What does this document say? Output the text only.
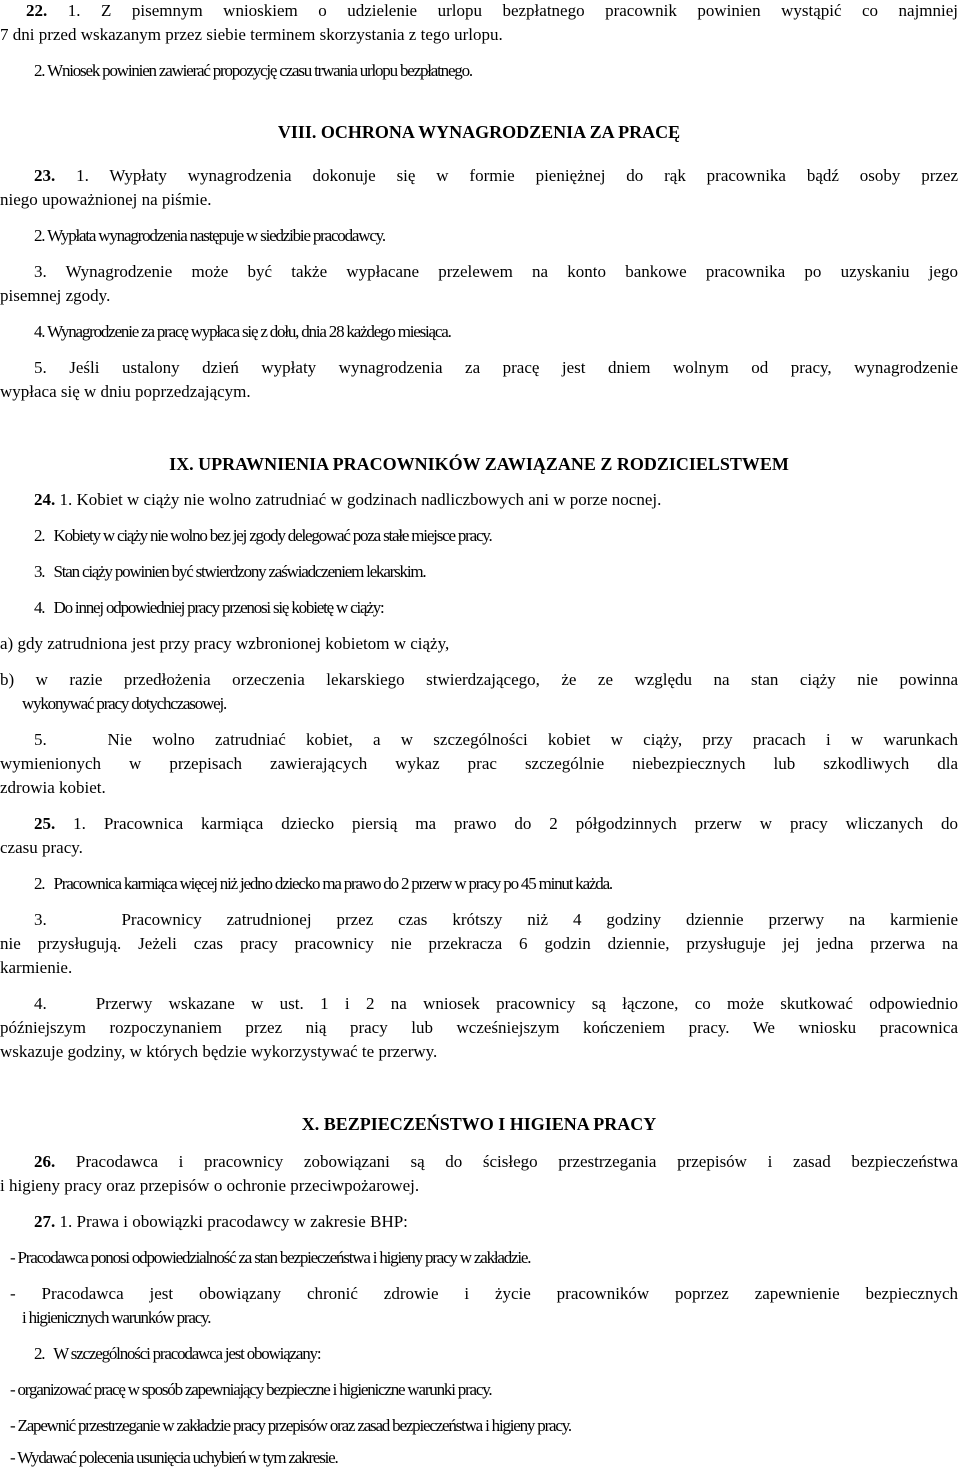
22. 1. Z pisemnym wnioskiem o udzielenie urlopu bezpłatnego pracownik powinien wystąpić co najmniej
7 dni przed wskazanym przez siebie terminem skorzystania z tego urlopu.
2. Wniosek powinien zawierać propozycję czasu trwania urlopu bezpłatnego.
VIII. OCHRONA WYNAGRODZENIA ZA PRACĘ
23. 1. Wypłaty wynagrodzenia dokonuje się w formie pieniężnej do rąk pracownika bądź osoby przez
niego upoważnionej na piśmie.
2. Wypłata wynagrodzenia następuje w siedzibie pracodawcy.
3. Wynagrodzenie może być także wypłacane przelewem na konto bankowe pracownika po uzyskaniu jego
pisemnej zgody.
4. Wynagrodzenie za pracę wypłaca się z dołu, dnia 28 każdego miesiąca.
5. Jeśli ustalony dzień wypłaty wynagrodzenia za pracę jest dniem wolnym od pracy, wynagrodzenie
wypłaca się w dniu poprzedzającym.
IX. UPRAWNIENIA PRACOWNIKÓW ZAWIĄZANE Z RODZICIELSTWEM
24. 1. Kobiet w ciąży nie wolno zatrudniać w godzinach nadliczbowych ani w porze nocnej.
2.   Kobiety w ciąży nie wolno bez jej zgody delegować poza stałe miejsce pracy.
3.   Stan ciąży powinien być stwierdzony zaświadczeniem lekarskim.
4.   Do innej odpowiedniej pracy przenosi się kobietę w ciąży:
a) gdy zatrudniona jest przy pracy wzbronionej kobietom w ciąży,
b) w razie przedłożenia orzeczenia lekarskiego stwierdzającego, że ze względu na stan ciąży nie powinna
wykonywać pracy dotychczasowej.
5.   Nie wolno zatrudniać kobiet, a w szczególności kobiet w ciąży, przy pracach i w warunkach
wymienionych w przepisach zawierających wykaz prac szczególnie niebezpiecznych lub szkodliwych dla
zdrowia kobiet.
25. 1. Pracownica karmiąca dziecko piersią ma prawo do 2 półgodzinnych przerw w pracy wliczanych do
czasu pracy.
2.   Pracownica karmiąca więcej niż jedno dziecko ma prawo do 2 przerw w pracy po 45 minut każda.
3.   Pracownicy zatrudnionej przez czas krótszy niż 4 godziny dziennie przerwy na karmienie
nie przysługują. Jeżeli czas pracy pracownicy nie przekracza 6 godzin dziennie, przysługuje jej jedna przerwa na
karmienie.
4.   Przerwy wskazane w ust. 1 i 2 na wniosek pracownicy są łączone, co może skutkować odpowiednio
późniejszym rozpoczynaniem przez nią pracy lub wcześniejszym kończeniem pracy. We wniosku pracownica
wskazuje godziny, w których będzie wykorzystywać te przerwy.
X. BEZPIECZEŃSTWO I HIGIENA PRACY
26. Pracodawca i pracownicy zobowiązani są do ścisłego przestrzegania przepisów i zasad bezpieczeństwa
i higieny pracy oraz przepisów o ochronie przeciwpożarowej.
27. 1. Prawa i obowiązki pracodawcy w zakresie BHP:
- Pracodawca ponosi odpowiedzialność za stan bezpieczeństwa i higieny pracy w zakładzie.
- Pracodawca jest obowiązany chronić zdrowie i życie pracowników poprzez zapewnienie bezpiecznych
i higienicznych warunków pracy.
2.   W szczególności pracodawca jest obowiązany:
- organizować pracę w sposób zapewniający bezpieczne i higieniczne warunki pracy.
- Zapewnić przestrzeganie w zakładzie pracy przepisów oraz zasad bezpieczeństwa i higieny pracy.
- Wydawać polecenia usunięcia uchybień w tym zakresie.
